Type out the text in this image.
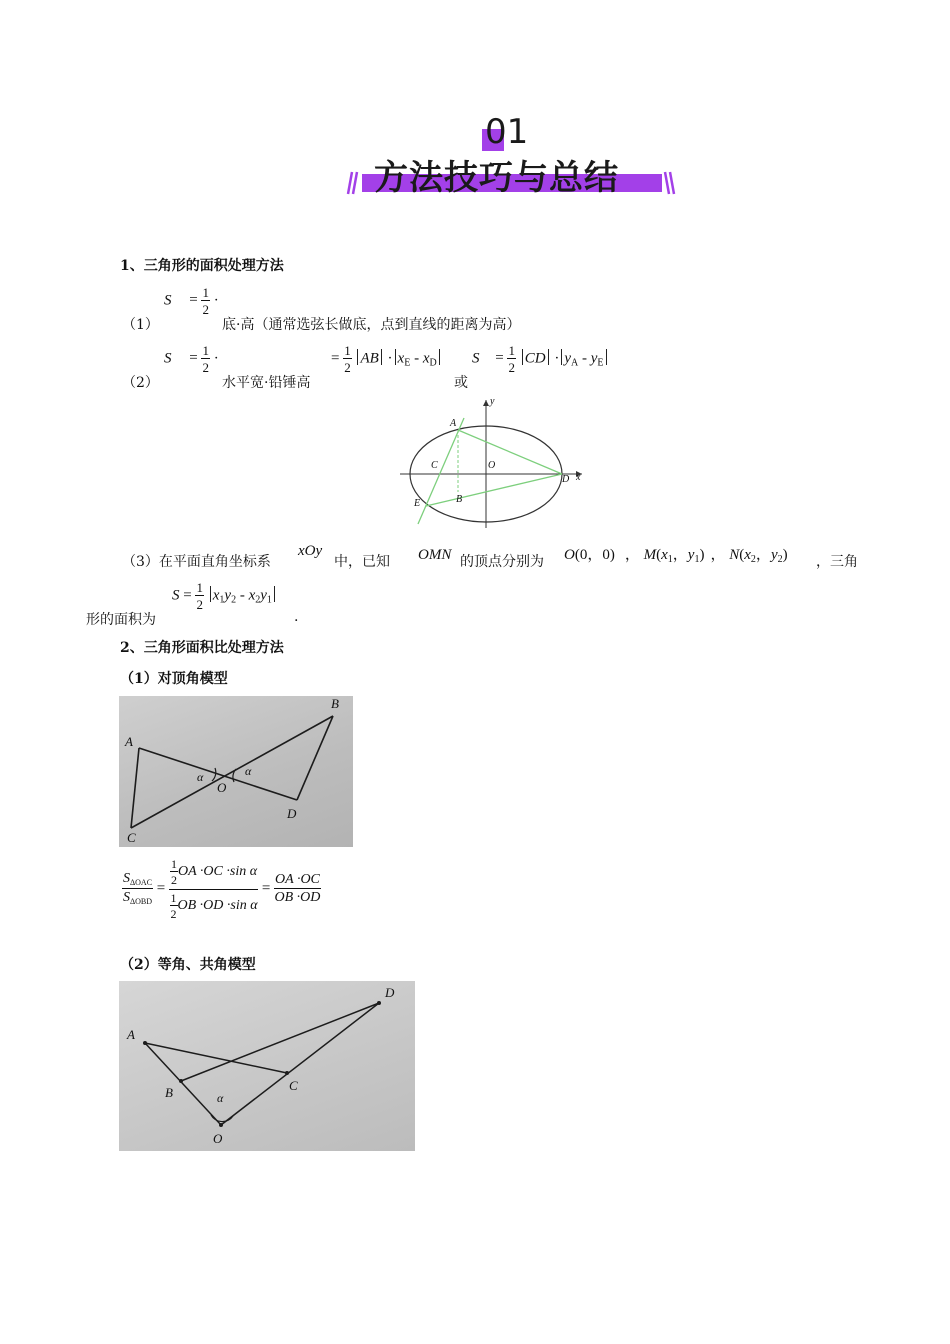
01
方法技巧与总结
1、三角形的面积处理方法
（1）
$S = \frac{1}{2}$ ·
底·高（通常选弦长做底，点到直线的距离为高）
（2）
$S = \frac{1}{2}$ ·
水平宽·铅锤高
= $\frac{1}{2}$ AB · $x_E - x_D$
或
$S = \frac{1}{2}$ CD · $y_A - y_E$
A
C	O
D x
y
B
E
（3）在平面直角坐标系
xOy
中，已知 OMN 的顶点分别为 O(0，0) ， $M(x_1$，$y_1$) ， $N(x_2$，$y_2$) ，三角
形的面积为
$S = \frac{1}{2} x_1y_2 - x_2y_1$
.
2、三角形面积比处理方法
（1）对顶角模型
A
B
C
D
O
α	α
$\frac{S_{\Delta OAC}}{S_{\Delta OBD}} = \frac{\frac{1}{2} OA \cdot OC \cdot\sin \alpha}{\frac{1}{2} OB \cdot OD \cdot\sin \alpha} = \frac{OA \cdot OC}{OB \cdot OD}$
（2）等角、共角模型
A
B	C
D
O
α
